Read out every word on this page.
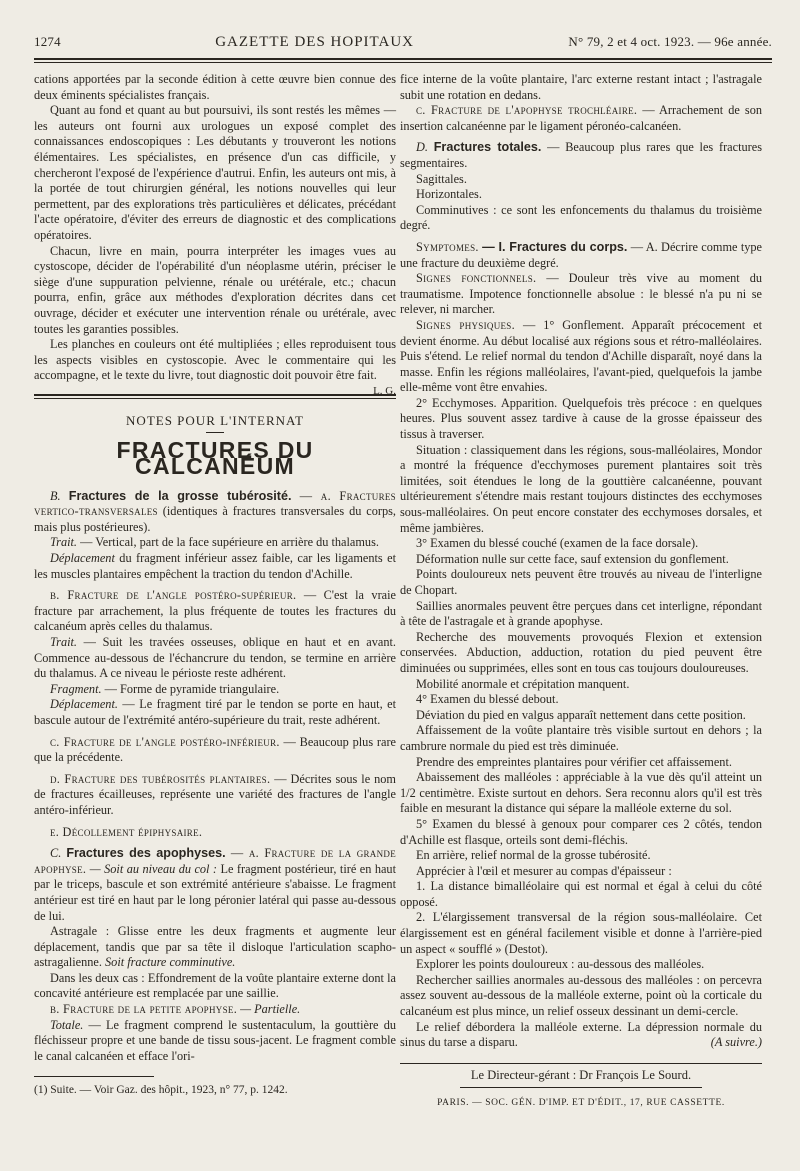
1274	GAZETTE DES HOPITAUX	N° 79, 2 et 4 oct. 1923. — 96e année.

cations apportées par la seconde édition à cette œuvre bien connue des deux éminents spécialistes français.

Quant au fond et quant au but poursuivi, ils sont restés les mêmes — les auteurs ont fourni aux urologues un exposé complet des connaissances endoscopiques : Les débutants y trouveront les notions élémentaires. Les spécialistes, en présence d'un cas difficile, y chercheront l'exposé de l'expérience d'autrui. Enfin, les auteurs ont mis, à la portée de tout chirurgien général, les notions nouvelles qui leur permettent, par des explorations très particulières et délicates, précédant l'acte opératoire, d'éviter des erreurs de diagnostic et des complications opératoires.

Chacun, livre en main, pourra interpréter les images vues au cystoscope, décider de l'opérabilité d'un néoplasme utérin, préciser le siège d'une suppuration pelvienne, rénale ou urétérale, etc.; chacun pourra, enfin, grâce aux méthodes d'exploration décrites dans cet ouvrage, décider et exécuter une intervention rénale ou urétérale, avec toutes les garanties possibles.

Les planches en couleurs ont été multipliées ; elles reproduisent tous les aspects visibles en cystoscopie. Avec le commentaire qui les accompagne, et le texte du livre, tout diagnostic doit pouvoir être fait.
L. G.

NOTES POUR L'INTERNAT
FRACTURES DU CALCANÉUM

B. Fractures de la grosse tubérosité. — a. Fractures vertico-transversales (identiques à fractures transversales du corps, mais plus postérieures).

Trait. — Vertical, part de la face supérieure en arrière du thalamus.

Déplacement du fragment inférieur assez faible, car les ligaments et les muscles plantaires empêchent la traction du tendon d'Achille.

b. Fracture de l'angle postéro-supérieur. — C'est la vraie fracture par arrachement, la plus fréquente de toutes les fractures du calcanéum après celles du thalamus.

Trait. — Suit les travées osseuses, oblique en haut et en avant. Commence au-dessous de l'échancrure du tendon, se termine en arrière du thalamus. A ce niveau le périoste reste adhérent.

Fragment. — Forme de pyramide triangulaire.

Déplacement. — Le fragment tiré par le tendon se porte en haut, et bascule autour de l'extrémité antéro-supérieure du trait, reste adhérent.

c. Fracture de l'angle postéro-inférieur. — Beaucoup plus rare que la précédente.

d. Fracture des tubérosités plantaires. — Décrites sous le nom de fractures écailleuses, représente une variété des fractures de l'angle antéro-inférieur.

e. Décollement épiphysaire.

C. Fractures des apophyses. — a. Fracture de la grande apophyse. — Soit au niveau du col : Le fragment postérieur, tiré en haut par le triceps, bascule et son extrémité antérieure s'abaisse. Le fragment antérieur est tiré en haut par le long péronier latéral qui passe au-dessous de lui.

Astragale : Glisse entre les deux fragments et augmente leur déplacement, tandis que par sa tête il disloque l'articulation scapho-astragalienne. Soit fracture comminutive.

Dans les deux cas : Effondrement de la voûte plantaire externe dont la concavité antérieure est remplacée par une saillie.

b. Fracture de la petite apophyse. — Partielle.

Totale. — Le fragment comprend le sustentaculum, la gouttière du fléchisseur propre et une bande de tissu sous-jacent. Le fragment comble le canal calcanéen et efface l'ori-

(1) Suite. — Voir Gaz. des hôpit., 1923, n° 77, p. 1242.

fice interne de la voûte plantaire, l'arc externe restant intact ; l'astragale subit une rotation en dedans.

c. Fracture de l'apophyse trochléaire. — Arrachement de son insertion calcanéenne par le ligament péronéo-calcanéen.

D. Fractures totales. — Beaucoup plus rares que les fractures segmentaires.

Sagittales.

Horizontales.

Comminutives : ce sont les enfoncements du thalamus du troisième degré.

Symptomes. — I. Fractures du corps. — A. Décrire comme type une fracture du deuxième degré.

Signes fonctionnels. — Douleur très vive au moment du traumatisme. Impotence fonctionnelle absolue : le blessé n'a pu ni se relever, ni marcher.

Signes physiques. — 1° Gonflement. Apparaît précocement et devient énorme. Au début localisé aux régions sous et rétro-malléolaires. Puis s'étend. Le relief normal du tendon d'Achille disparaît, noyé dans la masse. Enfin les régions malléolaires, l'avant-pied, quelquefois la jambe elle-même vont être envahies.

2° Ecchymoses. Apparition. Quelquefois très précoce : en quelques heures. Plus souvent assez tardive à cause de la grosse épaisseur des tissus à traverser.

Situation : classiquement dans les régions, sous-malléolaires, Mondor a montré la fréquence d'ecchymoses purement plantaires soit très limitées, soit étendues le long de la gouttière calcanéenne, pouvant ultérieurement s'étendre mais restant toujours distinctes des ecchymoses sous-malléolaires. On peut encore constater des ecchymoses dorsales, et même jambières.

3° Examen du blessé couché (examen de la face dorsale).

Déformation nulle sur cette face, sauf extension du gonflement.

Points douloureux nets peuvent être trouvés au niveau de l'interligne de Chopart.

Saillies anormales peuvent être perçues dans cet interligne, répondant à tête de l'astragale et à grande apophyse.

Recherche des mouvements provoqués Flexion et extension conservées. Abduction, adduction, rotation du pied peuvent être diminuées ou supprimées, elles sont en tous cas toujours douloureuses.

Mobilité anormale et crépitation manquent.

4° Examen du blessé debout.

Déviation du pied en valgus apparaît nettement dans cette position.

Affaissement de la voûte plantaire très visible surtout en dehors ; la cambrure normale du pied est très diminuée.

Prendre des empreintes plantaires pour vérifier cet affaissement.

Abaissement des malléoles : appréciable à la vue dès qu'il atteint un 1/2 centimètre. Existe surtout en dehors. Sera reconnu alors qu'il est très faible en mesurant la distance qui sépare la malléole externe du sol.

5° Examen du blessé à genoux pour comparer ces 2 côtés, tendon d'Achille est flasque, orteils sont demi-fléchis.

En arrière, relief normal de la grosse tubérosité.

Apprécier à l'œil et mesurer au compas d'épaisseur :

1. La distance bimalléolaire qui est normal et égal à celui du côté opposé.

2. L'élargissement transversal de la région sous-malléolaire. Cet élargissement est en général facilement visible et donne à l'arrière-pied un aspect « soufflé » (Destot).

Explorer les points douloureux : au-dessous des malléoles.

Rechercher saillies anormales au-dessous des malléoles : on percevra assez souvent au-dessous de la malléole externe, point où la corticale du calcanéum est plus mince, un relief osseux dessinant un demi-cercle.

Le relief débordera la malléole externe. La dépression normale du sinus du tarse a disparu.	(A suivre.)

Le Directeur-gérant : Dr François Le Sourd.
PARIS. — SOC. GÉN. D'IMP. ET D'ÉDIT., 17, RUE CASSETTE.
